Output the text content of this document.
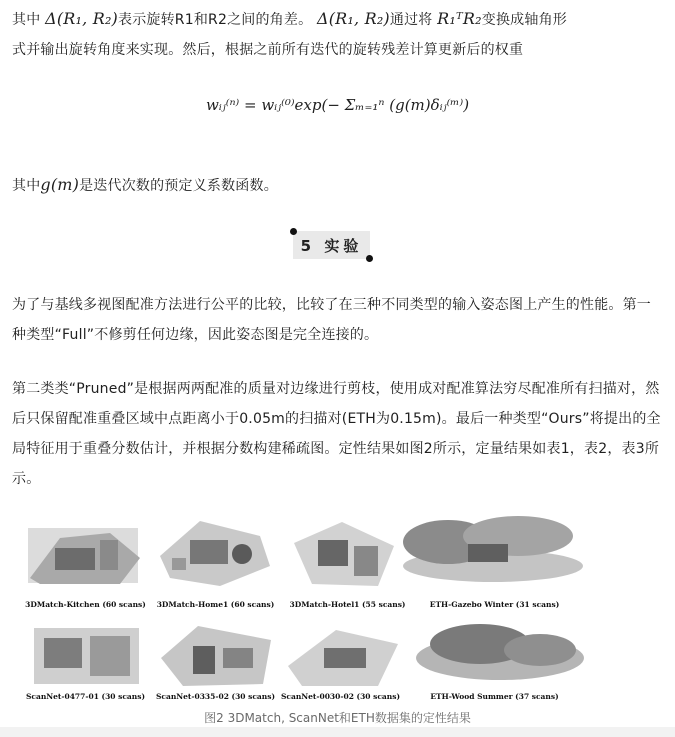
其中 Δ(R₁, R₂)表示旋转R1和R2之间的角差。 Δ(R₁, R₂)通过将 R₁ᵀR₂变换成轴角形
式并输出旋转角度来实现。然后，根据之前所有迭代的旋转残差计算更新后的权重
wᵢⱼ⁽ⁿ⁾ = wᵢⱼ⁽⁰⁾exp(− Σₘ₌₁ⁿ (g(m)δᵢⱼ⁽ᵐ⁾)
其中g(m)是迭代次数的预定义系数函数。
5 实验
为了与基线多视图配准方法进行公平的比较，比较了在三种不同类型的输入姿态图上产生的性能。第一种类型“Full”不修剪任何边缘，因此姿态图是完全连接的。
第二类类“Pruned”是根据两两配准的质量对边缘进行剪枝，使用成对配准算法穷尽配准所有扫描对，然后只保留配准重叠区域中点距离小于0.05m的扫描对(ETH为0.15m)。最后一种类型“Ours”将提出的全局特征用于重叠分数估计，并根据分数构建稀疏图。定性结果如图2所示，定量结果如表1，表2，表3所示。
3DMatch-Kitchen (60 scans)	3DMatch-Home1 (60 scans)	3DMatch-Hotel1 (55 scans)	ETH-Gazebo Winter (31 scans)
ScanNet-0477-01 (30 scans)	ScanNet-0335-02 (30 scans) ScanNet-0030-02 (30 scans)	ETH-Wood Summer (37 scans)
图2 3DMatch, ScanNet和ETH数据集的定性结果
